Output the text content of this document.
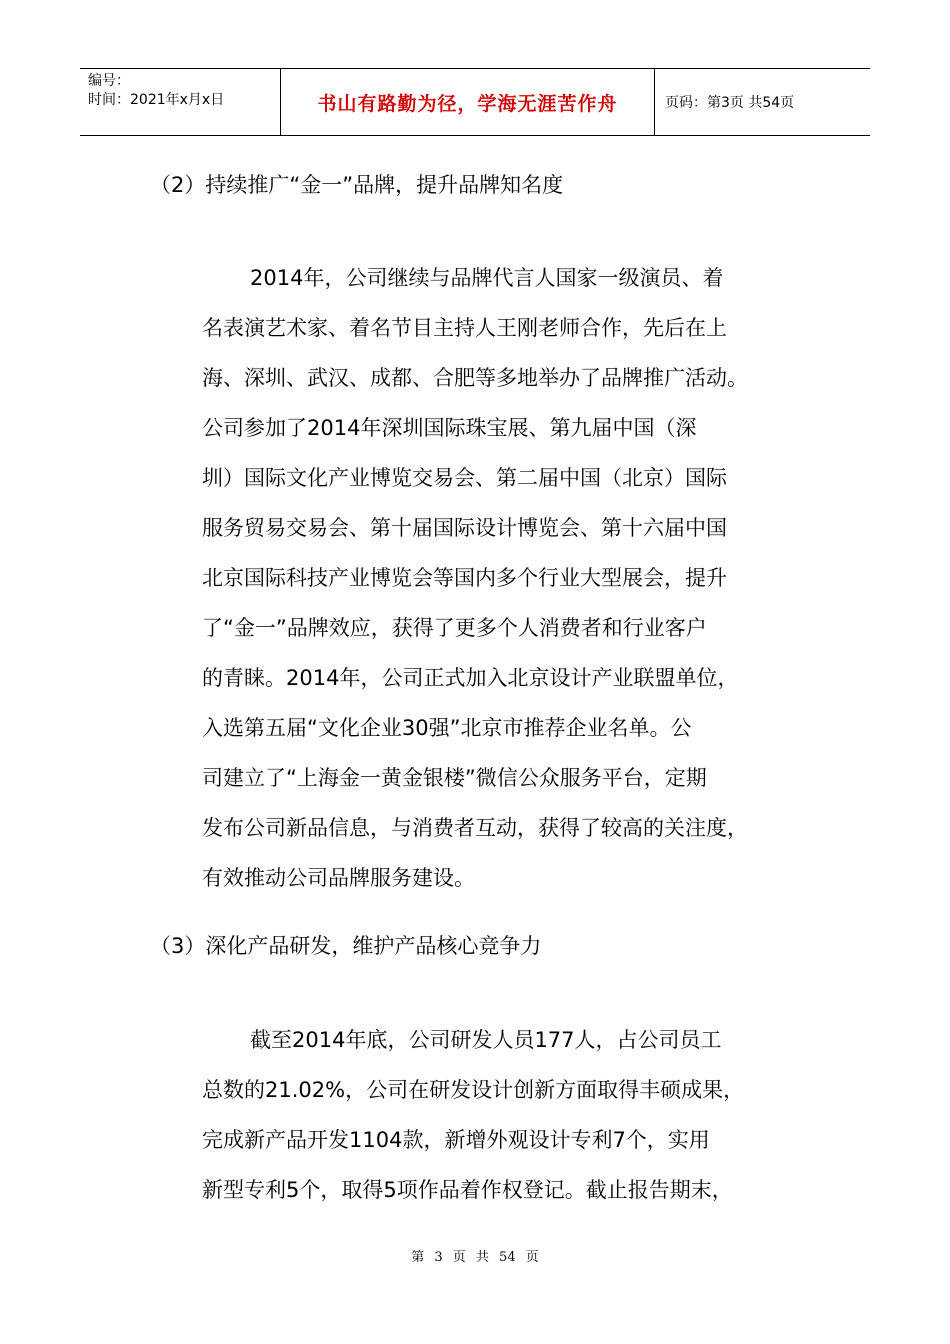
编号：
时间：2021年x月x日	书山有路勤为径，学海无涯苦作舟	页码：第3页 共54页
（2）持续推广“金一”品牌，提升品牌知名度
2014年，公司继续与品牌代言人国家一级演员、着
名表演艺术家、着名节目主持人王刚老师合作，先后在上
海、深圳、武汉、成都、合肥等多地举办了品牌推广活动。
公司参加了2014年深圳国际珠宝展、第九届中国（深
圳）国际文化产业博览交易会、第二届中国（北京）国际
服务贸易交易会、第十届国际设计博览会、第十六届中国
北京国际科技产业博览会等国内多个行业大型展会，提升
了“金一”品牌效应，获得了更多个人消费者和行业客户
的青睐。2014年，公司正式加入北京设计产业联盟单位，
入选第五届“文化企业30强”北京市推荐企业名单。公
司建立了“上海金一黄金银楼”微信公众服务平台，定期
发布公司新品信息，与消费者互动，获得了较高的关注度，
有效推动公司品牌服务建设。
（3）深化产品研发，维护产品核心竞争力
截至2014年底，公司研发人员177人，占公司员工
总数的21.02%，公司在研发设计创新方面取得丰硕成果，
完成新产品开发1104款，新增外观设计专利7个，实用
新型专利5个，取得5项作品着作权登记。截止报告期末，
第 3 页 共 54 页
